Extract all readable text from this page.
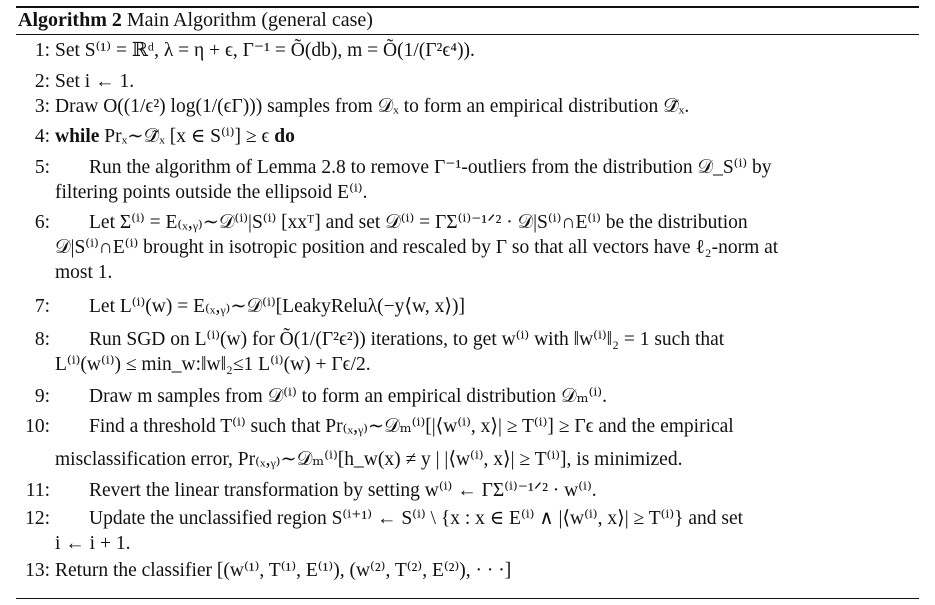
Algorithm 2 Main Algorithm (general case)
1: Set S⁽¹⁾ = ℝᵈ, λ = η + ϵ, Γ⁻¹ = Õ(db), m = Õ(1/(Γ²ϵ⁴)).
2: Set i ← 1.
3: Draw O((1/ϵ²) log(1/(ϵΓ))) samples from 𝒟ₓ to form an empirical distribution 𝒟̃ₓ.
4: while Prₓ∼𝒟̃ₓ [x ∈ S⁽ⁱ⁾] ≥ ϵ do
5: Run the algorithm of Lemma 2.8 to remove Γ⁻¹-outliers from the distribution 𝒟_S⁽ⁱ⁾ by
filtering points outside the ellipsoid E⁽ⁱ⁾.
6: Let Σ⁽ⁱ⁾ = E₍ₓ,ᵧ₎∼𝒟⁽ⁱ⁾|S⁽ⁱ⁾ [xxᵀ] and set 𝒟⁽ⁱ⁾ = ΓΣ⁽ⁱ⁾⁻¹ᐟ² · 𝒟|S⁽ⁱ⁾∩E⁽ⁱ⁾ be the distribution
𝒟|S⁽ⁱ⁾∩E⁽ⁱ⁾ brought in isotropic position and rescaled by Γ so that all vectors have ℓ₂-norm at
most 1.
7: Let L⁽ⁱ⁾(w) = E₍ₓ,ᵧ₎∼𝒟⁽ⁱ⁾[LeakyReluλ(−y⟨w, x⟩)]
8: Run SGD on L⁽ⁱ⁾(w) for Õ(1/(Γ²ϵ²)) iterations, to get w⁽ⁱ⁾ with ‖w⁽ⁱ⁾‖₂ = 1 such that
L⁽ⁱ⁾(w⁽ⁱ⁾) ≤ min_w:‖w‖₂≤1 L⁽ⁱ⁾(w) + Γϵ/2.
9: Draw m samples from 𝒟⁽ⁱ⁾ to form an empirical distribution 𝒟ₘ⁽ⁱ⁾.
10: Find a threshold T⁽ⁱ⁾ such that Pr₍ₓ,ᵧ₎∼𝒟ₘ⁽ⁱ⁾[|⟨w⁽ⁱ⁾, x⟩| ≥ T⁽ⁱ⁾] ≥ Γϵ and the empirical
misclassification error, Pr₍ₓ,ᵧ₎∼𝒟ₘ⁽ⁱ⁾[h_w(x) ≠ y | |⟨w⁽ⁱ⁾, x⟩| ≥ T⁽ⁱ⁾], is minimized.
11: Revert the linear transformation by setting w⁽ⁱ⁾ ← ΓΣ⁽ⁱ⁾⁻¹ᐟ² · w⁽ⁱ⁾.
12: Update the unclassified region S⁽ⁱ⁺¹⁾ ← S⁽ⁱ⁾ \ {x : x ∈ E⁽ⁱ⁾ ∧ |⟨w⁽ⁱ⁾, x⟩| ≥ T⁽ⁱ⁾} and set
i ← i + 1.
13: Return the classifier [(w⁽¹⁾, T⁽¹⁾, E⁽¹⁾), (w⁽²⁾, T⁽²⁾, E⁽²⁾), · · ·]
